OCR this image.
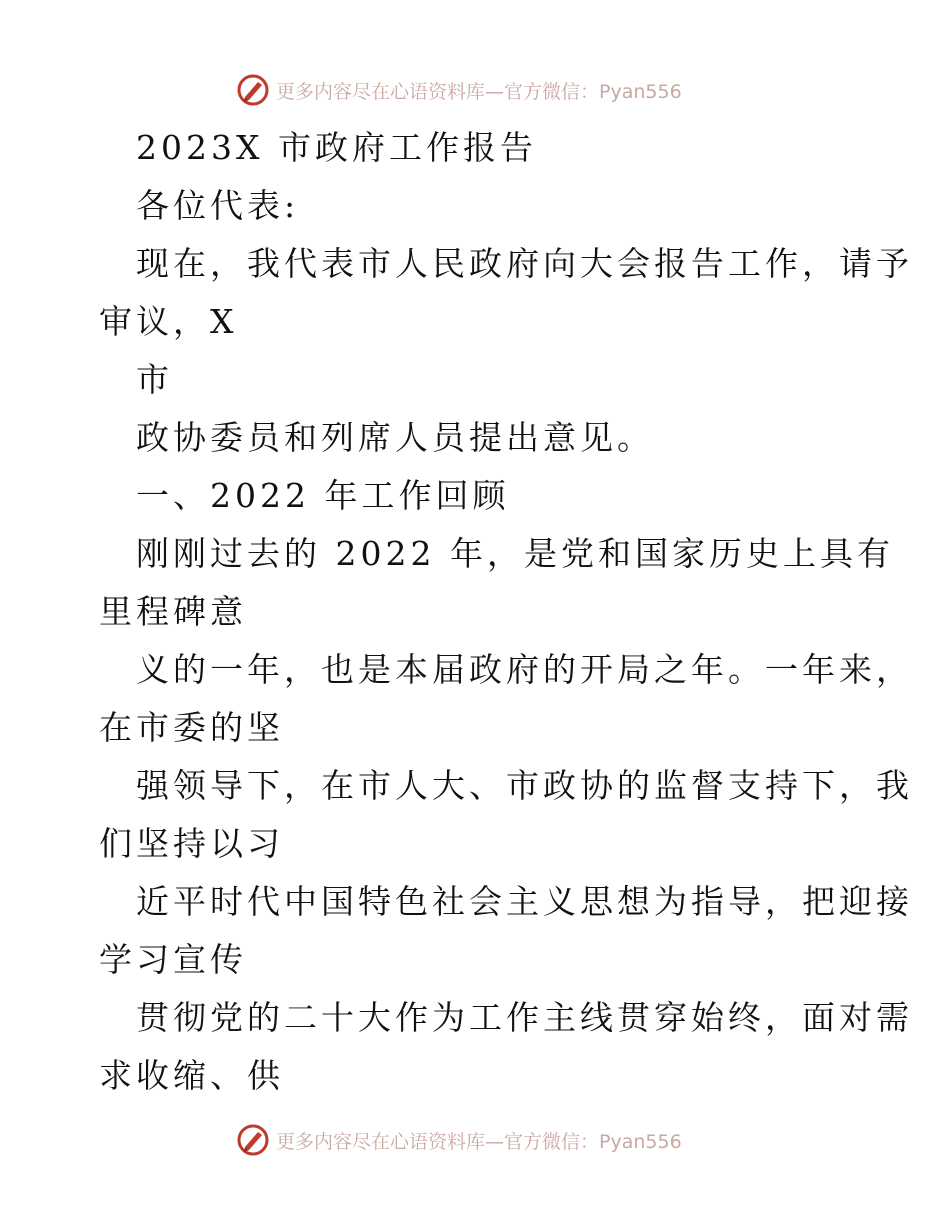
更多内容尽在心语资料库—官方微信：Pyan556
2023X 市政府工作报告
各位代表:
现在，我代表市人民政府向大会报告工作，请予
审议，X
市
政协委员和列席人员提出意见。
一、2022 年工作回顾
刚刚过去的 2022 年，是党和国家历史上具有
里程碑意
义的一年，也是本届政府的开局之年。一年来，
在市委的坚
强领导下，在市人大、市政协的监督支持下，我
们坚持以习
近平时代中国特色社会主义思想为指导，把迎接
学习宣传
贯彻党的二十大作为工作主线贯穿始终，面对需
求收缩、供
更多内容尽在心语资料库—官方微信：Pyan556
